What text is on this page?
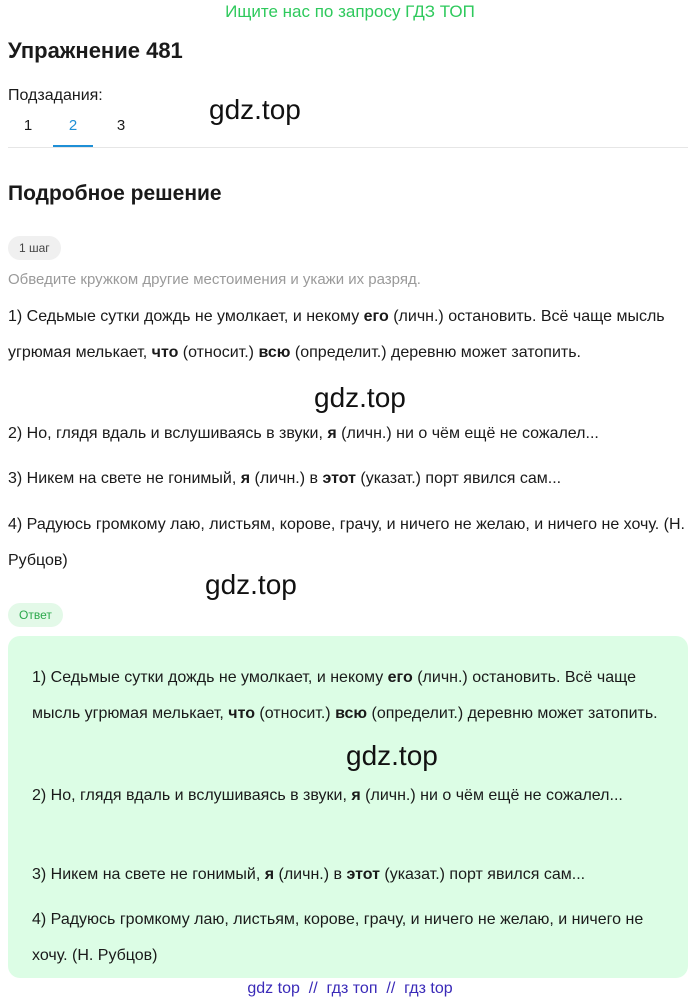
Ищите нас по запросу ГДЗ ТОП
Упражнение 481
Подзадания:
1	2	3
gdz.top
Подробное решение
1 шаг
Обведите кружком другие местоимения и укажи их разряд.
1) Седьмые сутки дождь не умолкает, и некому его (личн.) остановить. Всё чаще мысль угрюмая мелькает, что (относит.) всю (определит.) деревню может затопить.
gdz.top
2) Но, глядя вдаль и вслушиваясь в звуки, я (личн.) ни о чём ещё не сожалел...
3) Никем на свете не гонимый, я (личн.) в этот (указат.) порт явился сам...
4) Радуюсь громкому лаю, листьям, корове, грачу, и ничего не желаю, и ничего не хочу. (Н. Рубцов)
gdz.top
Ответ
1) Седьмые сутки дождь не умолкает, и некому его (личн.) остановить. Всё чаще мысль угрюмая мелькает, что (относит.) всю (определит.) деревню может затопить.
2) Но, глядя вдаль и вслушиваясь в звуки, я (личн.) ни о чём ещё не сожалел...
3) Никем на свете не гонимый, я (личн.) в этот (указат.) порт явился сам...
4) Радуюсь громкому лаю, листьям, корове, грачу, и ничего не желаю, и ничего не хочу. (Н. Рубцов)
gdz.top
gdz top  //  гдз топ  //  гдз top
